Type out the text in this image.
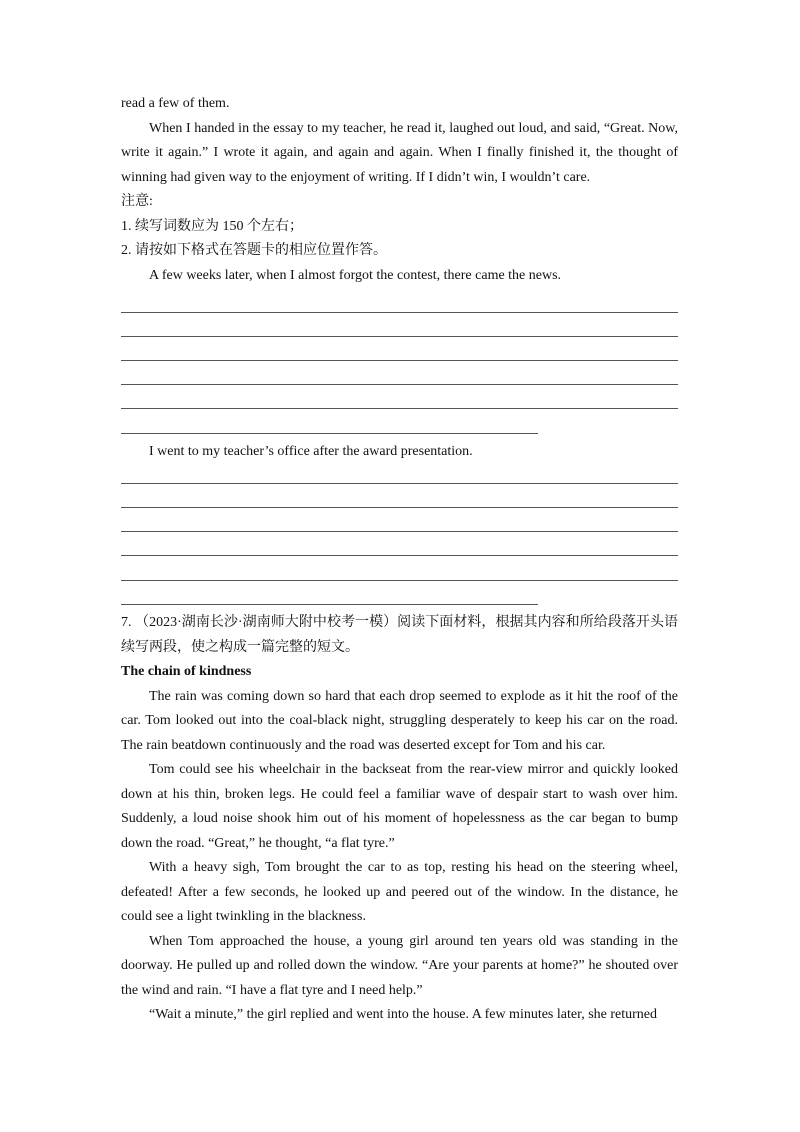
read a few of them.

When I handed in the essay to my teacher, he read it, laughed out loud, and said, “Great. Now, write it again.” I wrote it again, and again and again. When I finally finished it, the thought of winning had given way to the enjoyment of writing. If I didn’t win, I wouldn’t care.

注意:

1. 续写词数应为 150 个左右；

2. 请按如下格式在答题卡的相应位置作答。

A few weeks later, when I almost forgot the contest, there came the news.

I went to my teacher’s office after the award presentation.

7. （2023·湖南长沙·湖南师大附中校考一模）阅读下面材料，根据其内容和所给段落开头语续写两段，使之构成一篇完整的短文。

The chain of kindness

The rain was coming down so hard that each drop seemed to explode as it hit the roof of the car. Tom looked out into the coal-black night, struggling desperately to keep his car on the road. The rain beatdown continuously and the road was deserted except for Tom and his car.

Tom could see his wheelchair in the backseat from the rear-view mirror and quickly looked down at his thin, broken legs. He could feel a familiar wave of despair start to wash over him. Suddenly, a loud noise shook him out of his moment of hopelessness as the car began to bump down the road. “Great,” he thought, “a flat tyre.”

With a heavy sigh, Tom brought the car to as top, resting his head on the steering wheel, defeated! After a few seconds, he looked up and peered out of the window. In the distance, he could see a light twinkling in the blackness.

When Tom approached the house, a young girl around ten years old was standing in the doorway. He pulled up and rolled down the window. “Are your parents at home?” he shouted over the wind and rain. “I have a flat tyre and I need help.”

“Wait a minute,” the girl replied and went into the house. A few minutes later, she returned
